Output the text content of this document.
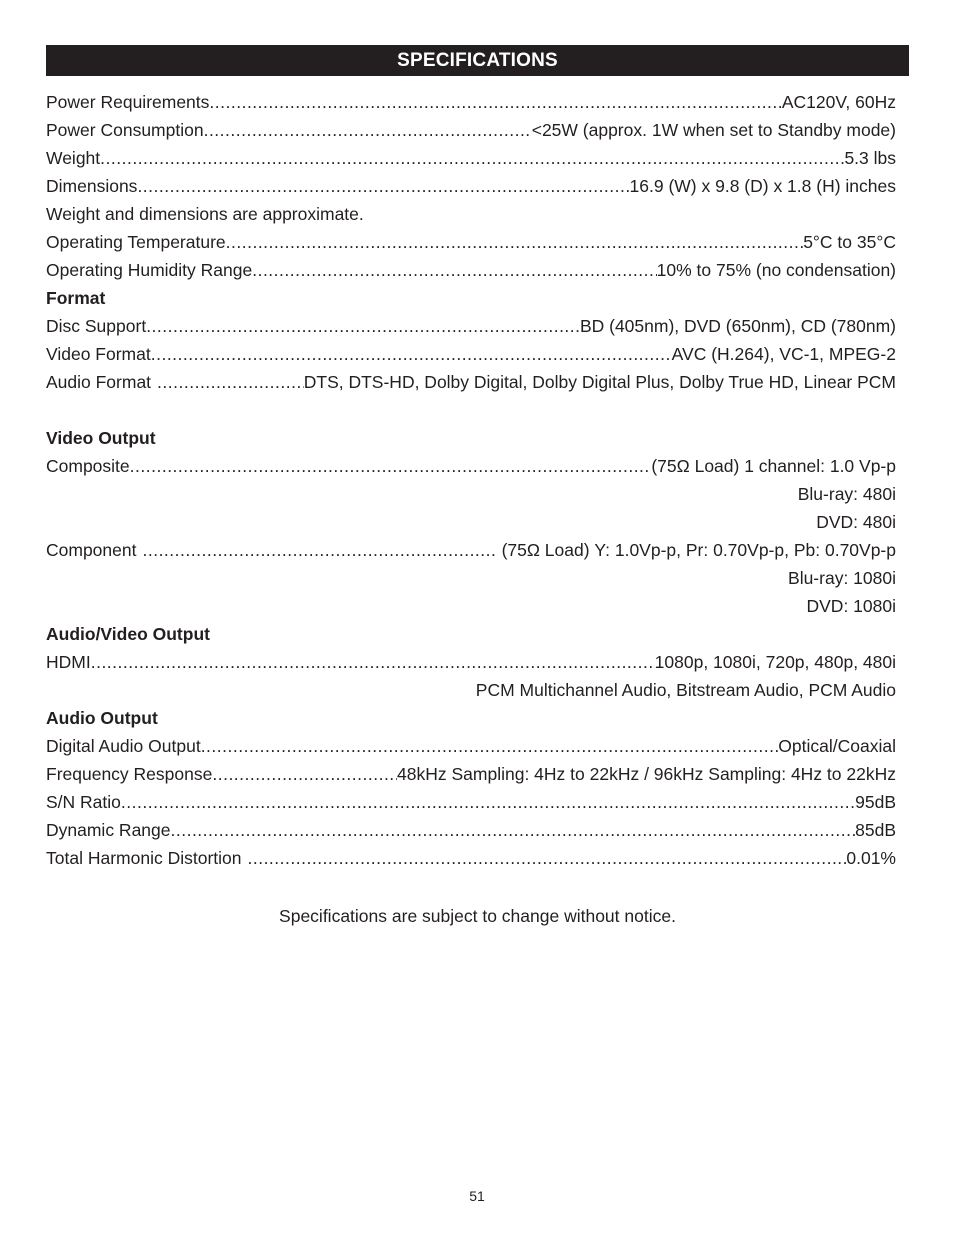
SPECIFICATIONS
Power Requirements .....	AC120V, 60Hz
Power Consumption .....	<25W (approx. 1W when set to Standby mode)
Weight .....	5.3 lbs
Dimensions .....	16.9 (W) x 9.8 (D) x 1.8 (H) inches
Weight and dimensions are approximate.
Operating Temperature .....	5°C to 35°C
Operating Humidity Range .....	10% to 75% (no condensation)
Format
Disc Support .....	BD (405nm), DVD (650nm), CD (780nm)
Video Format .....	AVC (H.264), VC-1, MPEG-2
Audio Format .....	DTS, DTS-HD, Dolby Digital, Dolby Digital Plus, Dolby True HD, Linear PCM
Video Output
Composite .....	(75Ω Load) 1 channel: 1.0 Vp-p
Blu-ray: 480i
DVD: 480i
Component .....	(75Ω Load) Y: 1.0Vp-p, Pr: 0.70Vp-p, Pb: 0.70Vp-p
Blu-ray: 1080i
DVD: 1080i
Audio/Video Output
HDMI .....	1080p, 1080i, 720p, 480p, 480i
PCM Multichannel Audio, Bitstream Audio, PCM Audio
Audio Output
Digital Audio Output .....	Optical/Coaxial
Frequency Response .....	48kHz Sampling: 4Hz to 22kHz / 96kHz Sampling: 4Hz to 22kHz
S/N Ratio .....	95dB
Dynamic Range .....	85dB
Total Harmonic Distortion .....	0.01%
Specifications are subject to change without notice.
51
